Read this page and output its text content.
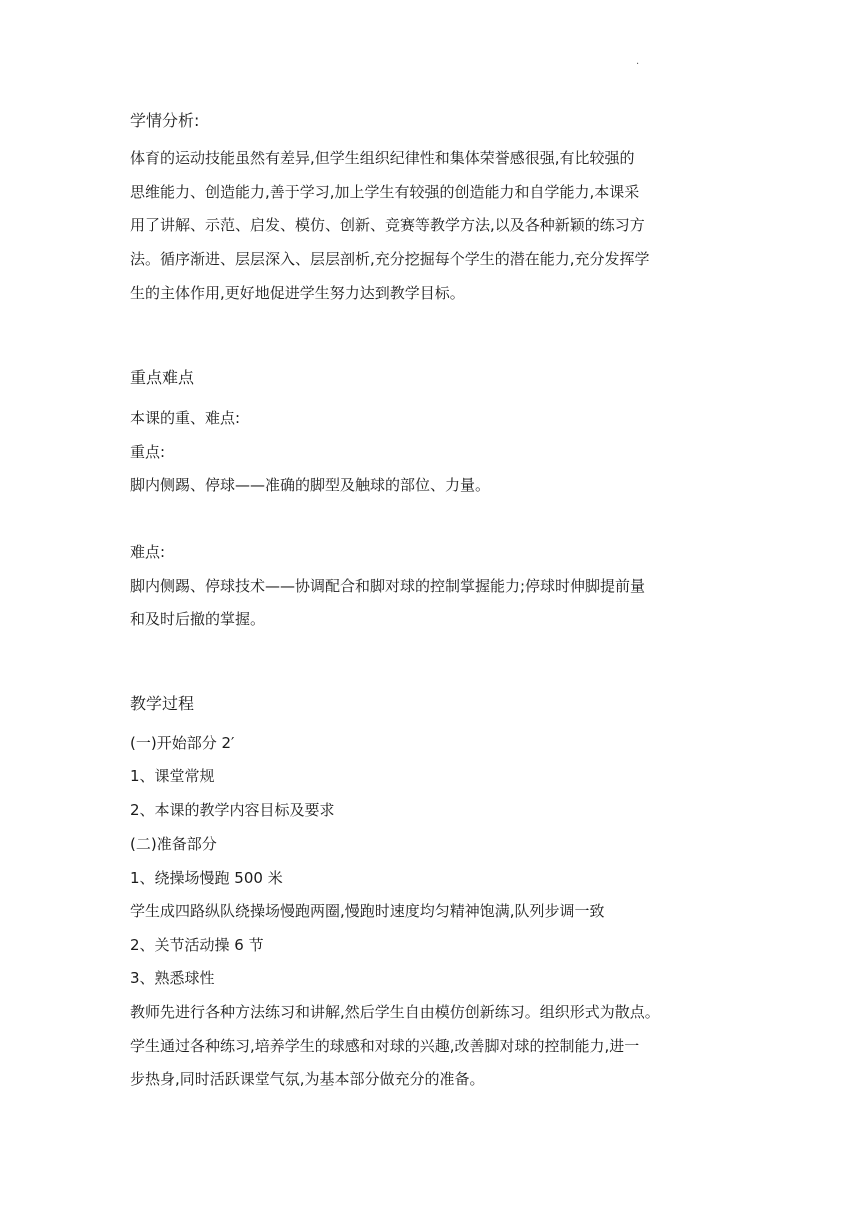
.
学情分析:
体育的运动技能虽然有差异,但学生组织纪律性和集体荣誉感很强,有比较强的
思维能力、创造能力,善于学习,加上学生有较强的创造能力和自学能力,本课采
用了讲解、示范、启发、模仿、创新、竞赛等教学方法,以及各种新颖的练习方
法。循序渐进、层层深入、层层剖析,充分挖掘每个学生的潜在能力,充分发挥学
生的主体作用,更好地促进学生努力达到教学目标。
重点难点
本课的重、难点:
重点:
脚内侧踢、停球——准确的脚型及触球的部位、力量。
难点:
脚内侧踢、停球技术——协调配合和脚对球的控制掌握能力;停球时伸脚提前量
和及时后撤的掌握。
教学过程
(一)开始部分 2′
1、课堂常规
2、本课的教学内容目标及要求
(二)准备部分
1、绕操场慢跑 500 米
学生成四路纵队绕操场慢跑两圈,慢跑时速度均匀精神饱满,队列步调一致
2、关节活动操 6 节
3、熟悉球性
教师先进行各种方法练习和讲解,然后学生自由模仿创新练习。组织形式为散点。
学生通过各种练习,培养学生的球感和对球的兴趣,改善脚对球的控制能力,进一
步热身,同时活跃课堂气氛,为基本部分做充分的准备。
